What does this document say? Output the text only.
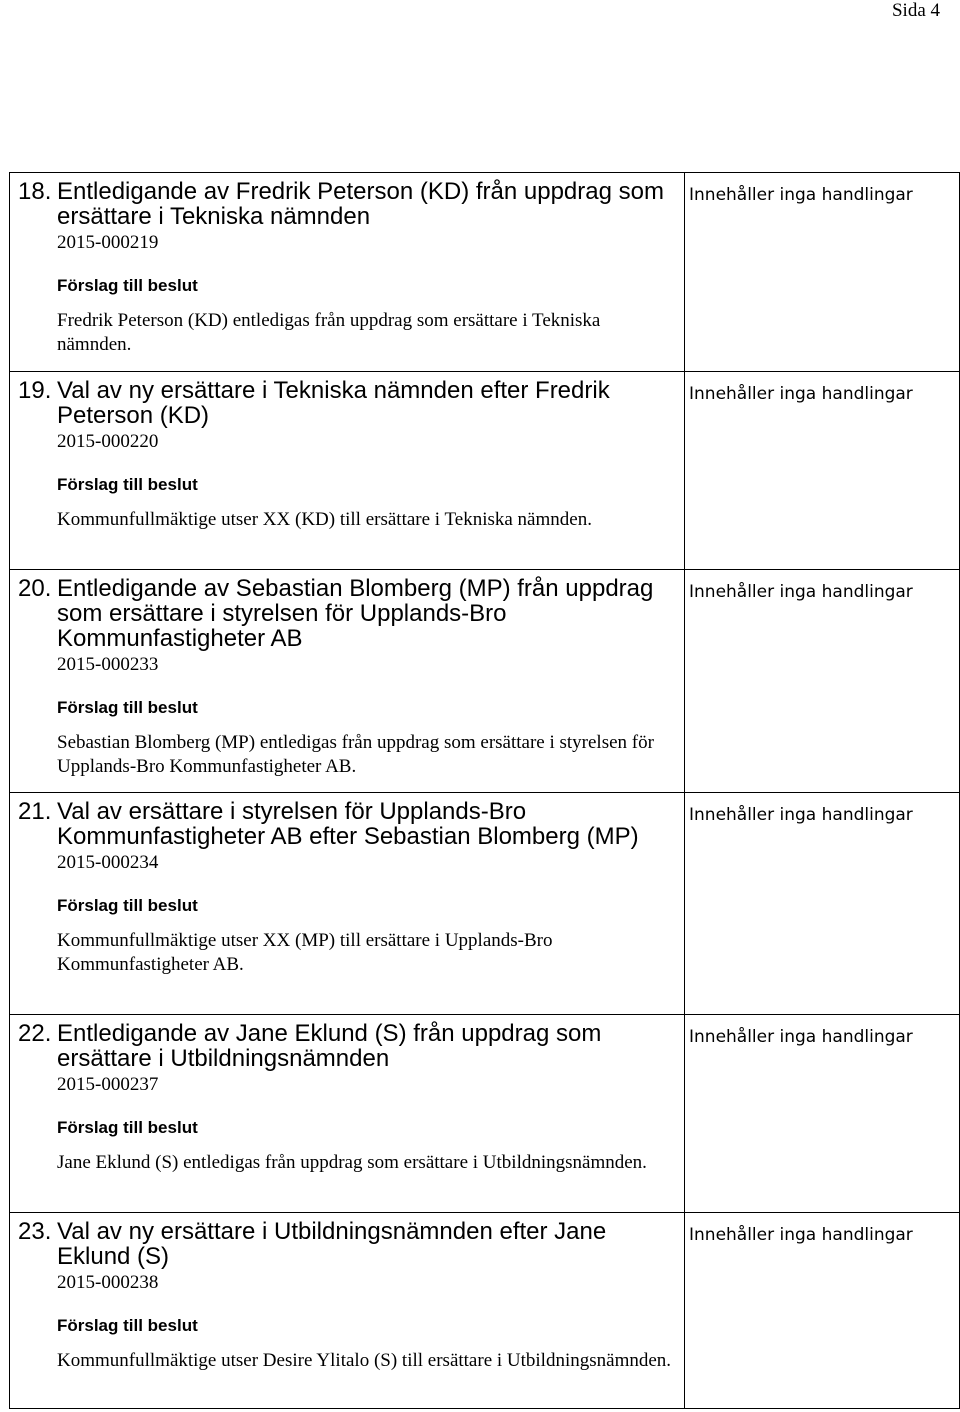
Sida 4
18. Entledigande av Fredrik Peterson (KD) från uppdrag som ersättare i Tekniska nämnden
2015-000219
Förslag till beslut
Fredrik Peterson (KD) entledigas från uppdrag som ersättare i Tekniska nämnden.	Innehåller inga handlingar

19. Val av ny ersättare i Tekniska nämnden efter Fredrik Peterson (KD)
2015-000220
Förslag till beslut
Kommunfullmäktige utser XX (KD) till ersättare i Tekniska nämnden.	Innehåller inga handlingar

20. Entledigande av Sebastian Blomberg (MP) från uppdrag som ersättare i styrelsen för Upplands-Bro Kommunfastigheter AB
2015-000233
Förslag till beslut
Sebastian Blomberg (MP) entledigas från uppdrag som ersättare i styrelsen för Upplands-Bro Kommunfastigheter AB.	Innehåller inga handlingar

21. Val av ersättare i styrelsen för Upplands-Bro Kommunfastigheter AB efter Sebastian Blomberg (MP)
2015-000234
Förslag till beslut
Kommunfullmäktige utser XX (MP) till ersättare i Upplands-Bro Kommunfastigheter AB.	Innehåller inga handlingar

22. Entledigande av Jane Eklund (S) från uppdrag som ersättare i Utbildningsnämnden
2015-000237
Förslag till beslut
Jane Eklund (S) entledigas från uppdrag som ersättare i Utbildningsnämnden.	Innehåller inga handlingar

23. Val av ny ersättare i Utbildningsnämnden efter Jane Eklund (S)
2015-000238
Förslag till beslut
Kommunfullmäktige utser Desire Ylitalo (S) till ersättare i Utbildningsnämnden.	Innehåller inga handlingar
